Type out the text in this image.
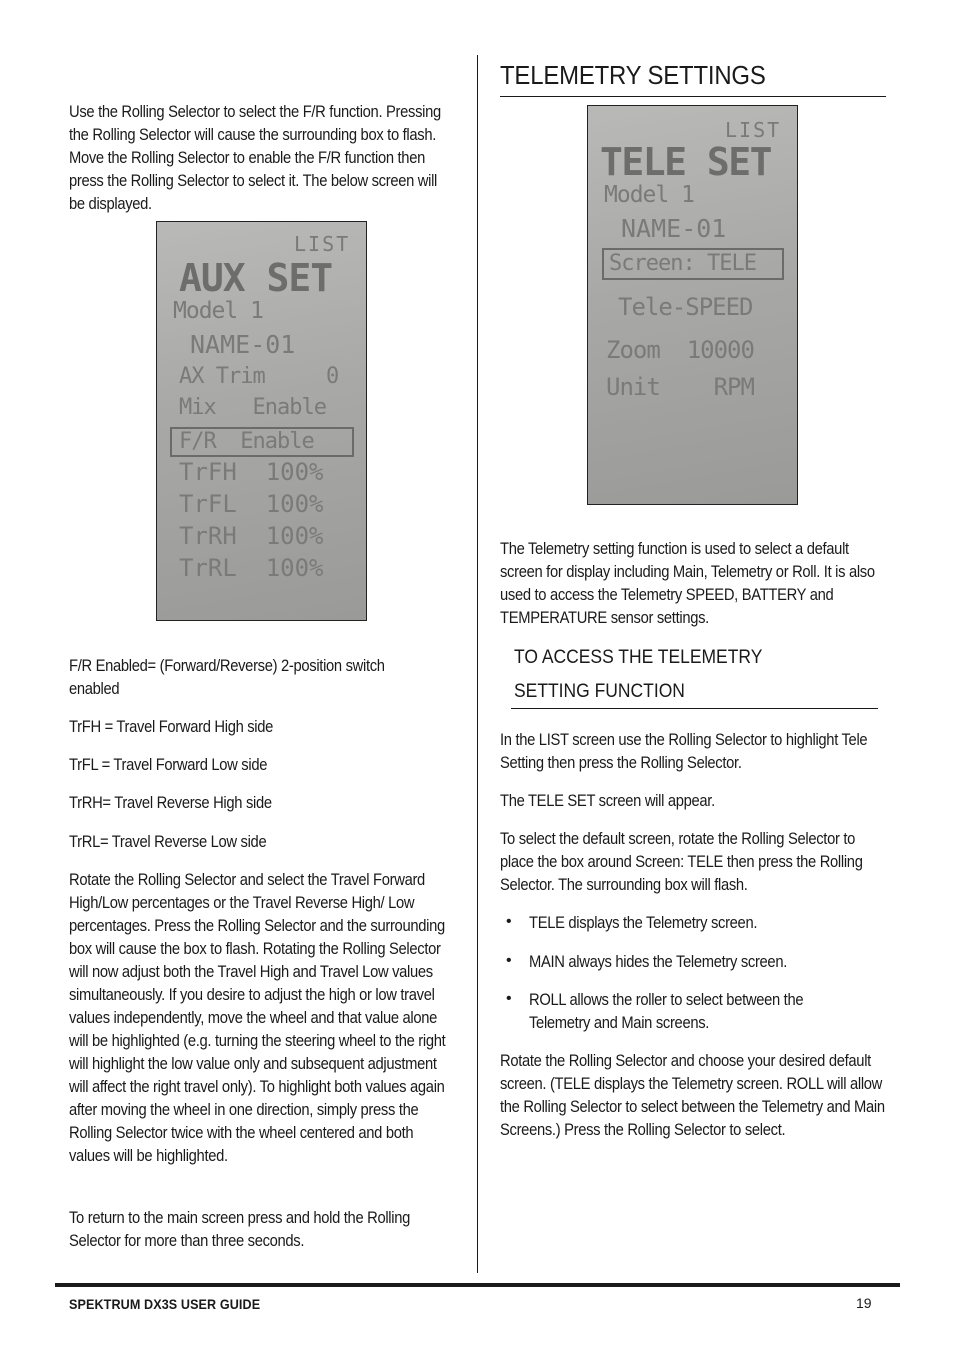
Use the Rolling Selector to select the F/R function. Pressing the Rolling Selector will cause the surrounding box to flash. Move the Rolling Selector to enable the F/R function then press the Rolling Selector to select it. The below screen will be displayed.
LIST
AUX SET
Model 1
NAME-01
AX Trim     0
Mix   Enable
F/R  Enable
TrFH  100%
TrFL  100%
TrRH  100%
TrRL  100%
F/R Enabled= (Forward/Reverse) 2-position switch enabled
TrFH = Travel Forward High side
TrFL = Travel Forward Low side
TrRH= Travel Reverse High side
TrRL= Travel Reverse Low side
Rotate the Rolling Selector and select the Travel Forward High/Low percentages or the Travel Reverse High/ Low percentages. Press the Rolling Selector and the surrounding box will cause the box to flash. Rotating the Rolling Selector will now adjust both the Travel High and Travel Low values simultaneously. If you desire to adjust the high or low travel values independently, move the wheel and that value alone will be highlighted (e.g. turning the steering wheel to the right will highlight the low value only and subsequent adjustment will affect the right travel only). To highlight both values again after moving the wheel in one direction, simply press the Rolling Selector twice with the wheel centered and both values will be highlighted.
To return to the main screen press and hold the Rolling Selector for more than three seconds.
TELEMETRY SETTINGS
LIST
TELE SET
Model 1
NAME-01
Screen: TELE
Tele-SPEED
Zoom  10000
Unit    RPM
The Telemetry setting function is used to select a default screen for display including Main, Telemetry or Roll. It is also used to access the Telemetry SPEED, BATTERY and TEMPERATURE sensor settings.
TO ACCESS THE TELEMETRY
SETTING FUNCTION
In the LIST screen use the Rolling Selector to highlight Tele Setting then press the Rolling Selector.
The TELE SET screen will appear.
To select the default screen, rotate the Rolling Selector to place the box around Screen: TELE then press the Rolling Selector. The surrounding box will flash.
• TELE displays the Telemetry screen.
• MAIN always hides the Telemetry screen.
• ROLL allows the roller to select between the Telemetry and Main screens.
Rotate the Rolling Selector and choose your desired default screen. (TELE displays the Telemetry screen. ROLL will allow the Rolling Selector to select between the Telemetry and Main Screens.) Press the Rolling Selector to select.
SPEKTRUM DX3S USER GUIDE	19
